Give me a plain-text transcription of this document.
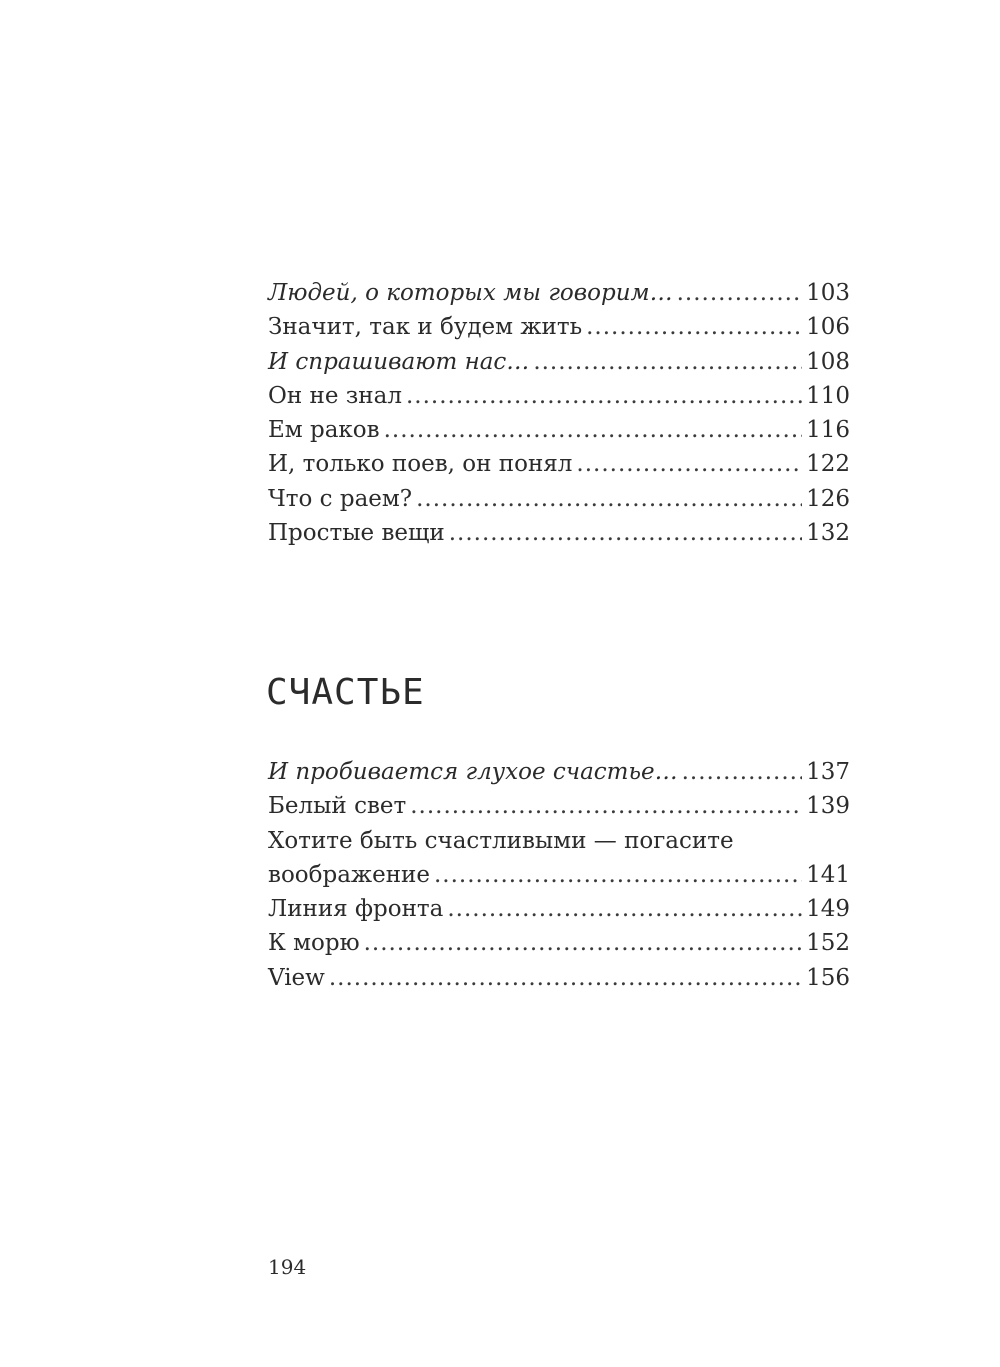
Людей, о которых мы говорим… .....	103
Значит, так и будем жить .....	106
И спрашивают нас… .....	108
Он не знал .....	110
Ем раков .....	116
И, только поев, он понял .....	122
Что с раем? .....	126
Простые вещи .....	132
СЧАСТЬЕ
И пробивается глухое счастье… .....	137
Белый свет .....	139
Хотите быть счастливыми — погасите
воображение .....	141
Линия фронта .....	149
К морю .....	152
View .....	156
194
